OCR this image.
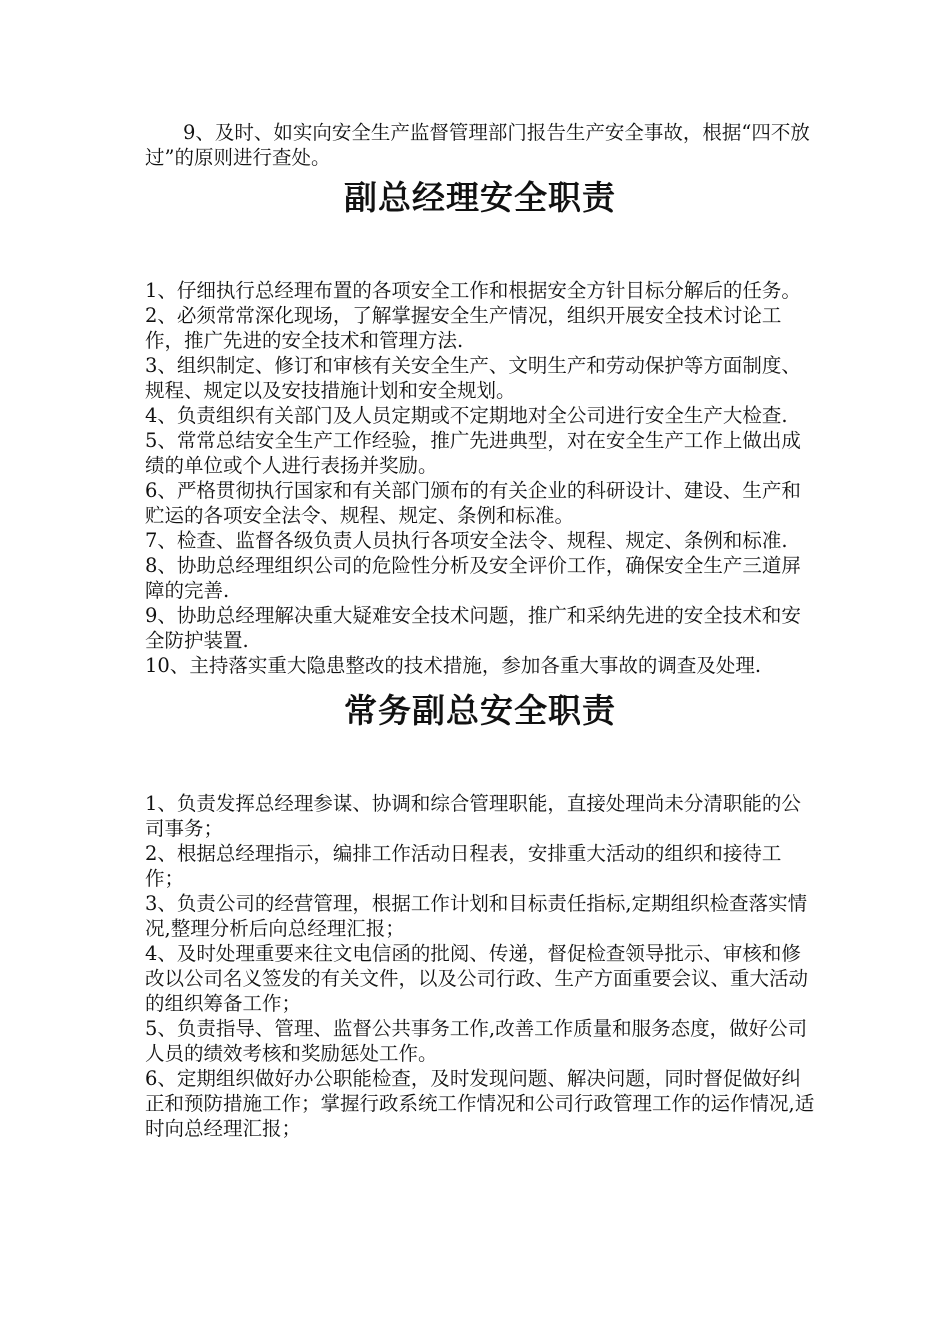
9、及时、如实向安全生产监督管理部门报告生产安全事故，根据“四不放过”的原则进行查处。

副总经理安全职责
1、仔细执行总经理布置的各项安全工作和根据安全方针目标分解后的任务。
2、必须常常深化现场，了解掌握安全生产情况，组织开展安全技术讨论工作，推广先进的安全技术和管理方法.
3、组织制定、修订和审核有关安全生产、文明生产和劳动保护等方面制度、规程、规定以及安技措施计划和安全规划。
4、负责组织有关部门及人员定期或不定期地对全公司进行安全生产大检查.
5、常常总结安全生产工作经验，推广先进典型，对在安全生产工作上做出成绩的单位或个人进行表扬并奖励。
6、严格贯彻执行国家和有关部门颁布的有关企业的科研设计、建设、生产和贮运的各项安全法令、规程、规定、条例和标准。
7、检查、监督各级负责人员执行各项安全法令、规程、规定、条例和标准.
8、协助总经理组织公司的危险性分析及安全评价工作，确保安全生产三道屏障的完善.
9、协助总经理解决重大疑难安全技术问题，推广和采纳先进的安全技术和安全防护装置.
10、主持落实重大隐患整改的技术措施，参加各重大事故的调查及处理.
常务副总安全职责
1、负责发挥总经理参谋、协调和综合管理职能，直接处理尚未分清职能的公司事务；
2、根据总经理指示，编排工作活动日程表，安排重大活动的组织和接待工作；
3、负责公司的经营管理，根据工作计划和目标责任指标,定期组织检查落实情况,整理分析后向总经理汇报；
4、及时处理重要来往文电信函的批阅、传递，督促检查领导批示、审核和修改以公司名义签发的有关文件，以及公司行政、生产方面重要会议、重大活动的组织筹备工作；
5、负责指导、管理、监督公共事务工作,改善工作质量和服务态度，做好公司人员的绩效考核和奖励惩处工作。
6、定期组织做好办公职能检查，及时发现问题、解决问题，同时督促做好纠正和预防措施工作；掌握行政系统工作情况和公司行政管理工作的运作情况,适时向总经理汇报；
